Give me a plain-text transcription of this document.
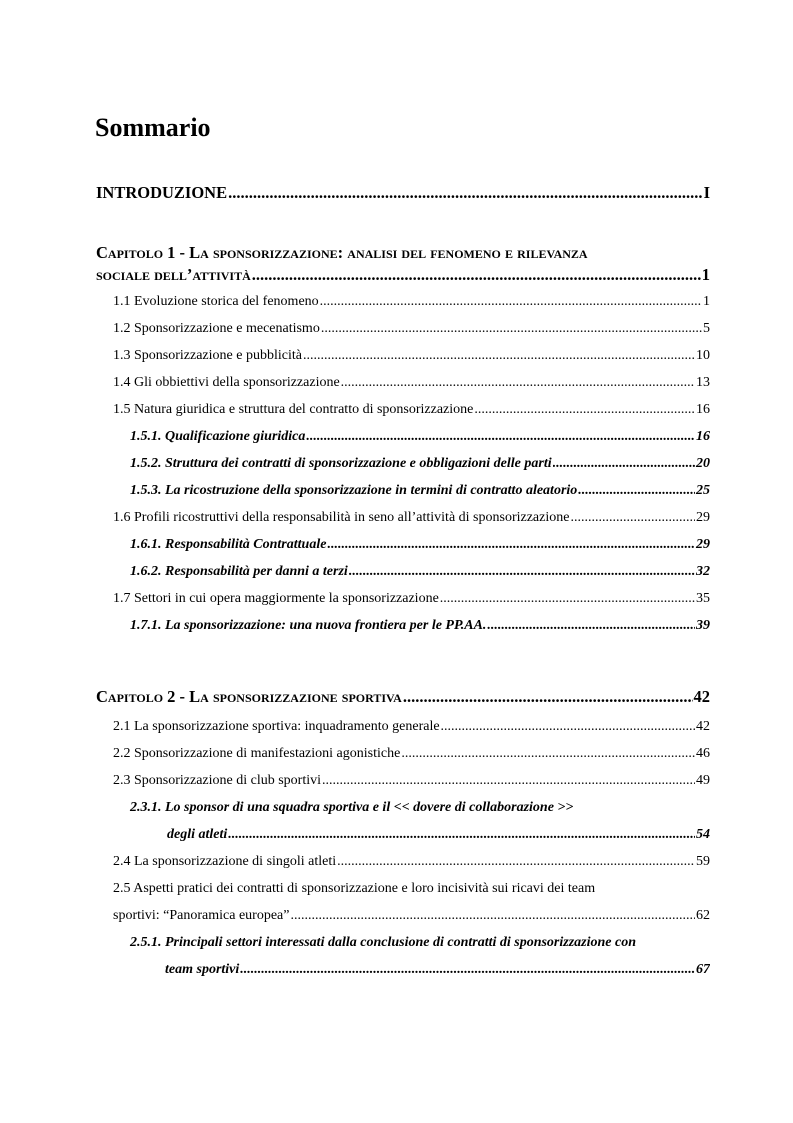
Sommario
INTRODUZIONE .....	I
Capitolo 1 - La sponsorizzazione: analisi del fenomeno e rilevanza
sociale dell’attività .....	1
1.1 Evoluzione storica del fenomeno .....	1
1.2 Sponsorizzazione e mecenatismo .....	5
1.3 Sponsorizzazione e pubblicità .....	10
1.4 Gli obbiettivi della sponsorizzazione .....	13
1.5 Natura giuridica e struttura del contratto di sponsorizzazione .....	16
1.5.1. Qualificazione giuridica .....	16
1.5.2. Struttura dei contratti di sponsorizzazione e obbligazioni delle parti .....	20
1.5.3. La ricostruzione della sponsorizzazione in termini di contratto aleatorio .....	25
1.6 Profili ricostruttivi della responsabilità in seno all’attività di sponsorizzazione .....	29
1.6.1. Responsabilità Contrattuale .....	29
1.6.2. Responsabilità per danni a terzi .....	32
1.7 Settori in cui opera maggiormente la sponsorizzazione .....	35
1.7.1. La sponsorizzazione: una nuova frontiera per le PP.AA. .....	39
Capitolo 2 - La sponsorizzazione sportiva .....	42
2.1 La sponsorizzazione sportiva: inquadramento generale .....	42
2.2 Sponsorizzazione di manifestazioni agonistiche .....	46
2.3 Sponsorizzazione di club sportivi .....	49
2.3.1. Lo sponsor di una squadra sportiva e il << dovere di collaborazione >>
degli atleti .....	54
2.4 La sponsorizzazione di singoli atleti .....	59
2.5 Aspetti pratici dei contratti di sponsorizzazione e loro incisività sui ricavi dei team
sportivi: “Panoramica europea” .....	62
2.5.1. Principali settori interessati dalla conclusione di contratti di sponsorizzazione con
team sportivi .....	67
